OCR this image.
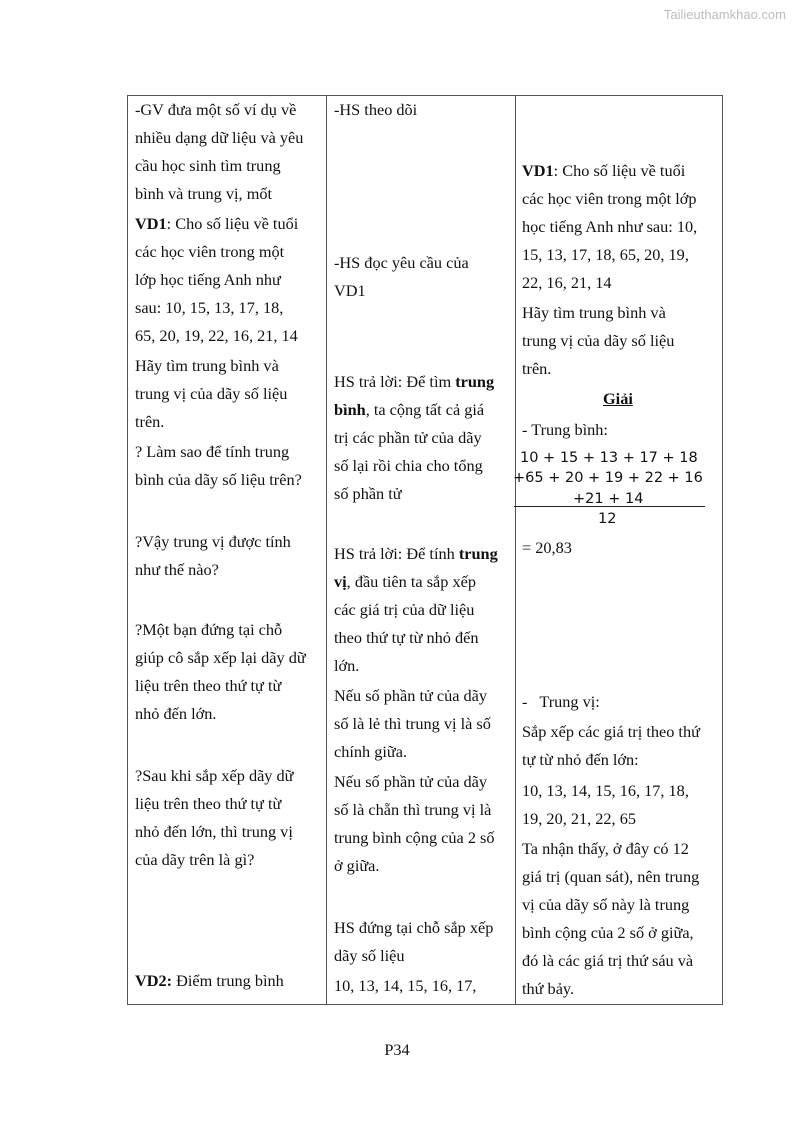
Tailieuthamkhao.com
-GV đưa một số ví dụ về
nhiều dạng dữ liệu và yêu
cầu học sinh tìm trung
bình và trung vị, mốt
VD1: Cho số liệu về tuổi
các học viên trong một
lớp học tiếng Anh như
sau: 10, 15, 13, 17, 18,
65, 20, 19, 22, 16, 21, 14
Hãy tìm trung bình và
trung vị của dãy số liệu
trên.
? Làm sao để tính trung
bình của dãy số liệu trên?
?Vậy trung vị được tính
như thế nào?
?Một bạn đứng tại chỗ
giúp cô sắp xếp lại dãy dữ
liệu trên theo thứ tự từ
nhỏ đến lớn.
?Sau khi sắp xếp dãy dữ
liệu trên theo thứ tự từ
nhỏ đến lớn, thì trung vị
của dãy trên là gì?
VD2: Điểm trung bình
-HS theo dõi
-HS đọc yêu cầu của
VD1
HS trả lời: Để tìm trung
bình, ta cộng tất cả giá
trị các phần tử của dãy
số lại rồi chia cho tổng
số phần tử
HS trả lời: Để tính trung
vị, đầu tiên ta sắp xếp
các giá trị của dữ liệu
theo thứ tự từ nhỏ đến
lớn.
Nếu số phần tử của dãy
số là lẻ thì trung vị là số
chính giữa.
Nếu số phần tử của dãy
số là chẵn thì trung vị là
trung bình cộng của 2 số
ở giữa.
HS đứng tại chỗ sắp xếp
dãy số liệu
10, 13, 14, 15, 16, 17,
VD1: Cho số liệu về tuổi
các học viên trong một lớp
học tiếng Anh như sau: 10,
15, 13, 17, 18, 65, 20, 19,
22, 16, 21, 14
Hãy tìm trung bình và
trung vị của dãy số liệu
trên.
Giải
- Trung bình:
10 + 15 + 13 + 17 + 18
+65 + 20 + 19 + 22 + 16
+21 + 14
12
= 20,83
-   Trung vị:
Sắp xếp các giá trị theo thứ
tự từ nhỏ đến lớn:
10, 13, 14, 15, 16, 17, 18,
19, 20, 21, 22, 65
Ta nhận thấy, ở đây có 12
giá trị (quan sát), nên trung
vị của dãy số này là trung
bình cộng của 2 số ở giữa,
đó là các giá trị thứ sáu và
thứ bảy.
P34
